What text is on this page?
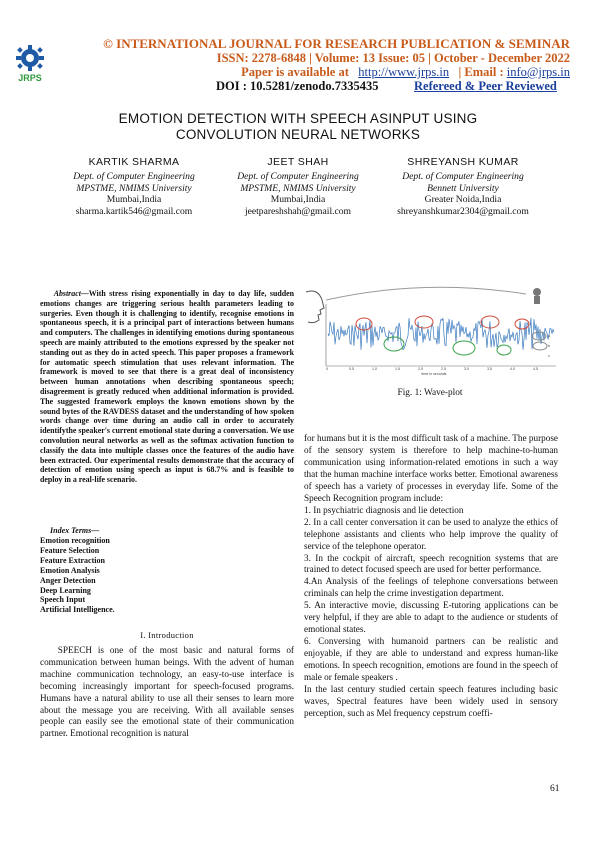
JRPS
© INTERNATIONAL JOURNAL FOR RESEARCH PUBLICATION & SEMINAR
ISSN: 2278-6848 | Volume: 13 Issue: 05 | October - December 2022
Paper is available at http://www.jrps.in | Email : info@jrps.in
DOI : 10.5281/zenodo.7335435	Refereed & Peer Reviewed
EMOTION DETECTION WITH SPEECH ASINPUT USING
CONVOLUTION NEURAL NETWORKS
KARTIK SHARMA
Dept. of Computer Engineering
MPSTME, NMIMS University
Mumbai,India
sharma.kartik546@gmail.com
JEET SHAH
Dept. of Computer Engineering
MPSTME, NMIMS University
Mumbai,India
jeetpareshshah@gmail.com
SHREYANSH KUMAR
Dept. of Computer Engineering
Bennett University
Greater Noida,India
shreyanshkumar2304@gmail.com
Abstract—With stress rising exponentially in day to day life, sudden emotions changes are triggering serious health parameters leading to surgeries. Even though it is challenging to identify, recognise emotions in spontaneous speech, it is a principal part of interactions between humans and computers. The challenges in identifying emotions during spontaneous speech are mainly attributed to the emotions expressed by the speaker not standing out as they do in acted speech. This paper proposes a framework for automatic speech stimulation that uses relevant information. The framework is moved to see that there is a great deal of inconsistency between human annotations when describing spontaneous speech; disagreement is greatly reduced when additional information is provided. The suggested framework employs the known emotions shown by the sound bytes of the RAVDESS dataset and the understanding of how spoken words change over time during an audio call in order to accurately identifythe speaker's current emotional state during a conversation. We use convolution neural networks as well as the softmax activation function to classify the data into multiple classes once the features of the audio have been extracted. Our experimental results demonstrate that the accuracy of detection of emotion using speech as input is 68.7% and is feasible to deploy in a real-life scenario.
Index Terms—
Emotion recognition
Feature Selection
Feature Extraction
Emotion Analysis
Anger Detection
Deep Learning
Speech Input
Artificial Intelligence.
I. Introduction
SPEECH is one of the most basic and natural forms of communication between human beings. With the advent of human machine communication technology, an easy-to-use interface is becoming increasingly important for speech-focused programs. Humans have a natural ability to use all their senses to learn more about the message you are receiving. With all available senses people can easily see the emotional state of their communication partner. Emotional recognition is natural
a
b
c
0	0.5	1.0	1.5	2.0	2.5	3.0	3.5	4.0	4.5
time in seconds
Fig. 1: Wave-plot

for humans but it is the most difficult task of a machine. The purpose of the sensory system is therefore to help machine-to-human communication using information-related emotions in such a way that the human machine interface works better. Emotional awareness of speech has a variety of processes in everyday life. Some of the Speech Recognition program include:

1. In psychiatric diagnosis and lie detection

2. In a call center conversation it can be used to analyze the ethics of telephone assistants and clients who help improve the quality of service of the telephone operator.

3. In the cockpit of aircraft, speech recognition systems that are trained to detect focused speech are used for better performance.

4.An Analysis of the feelings of telephone conversations between criminals can help the crime investigation department.

5. An interactive movie, discussing E-tutoring applications can be very helpful, if they are able to adapt to the audience or students of emotional states.

6. Conversing with humanoid partners can be realistic and enjoyable, if they are able to understand and express human-like emotions. In speech recognition, emotions are found in the speech of male or female speakers .

In the last century studied certain speech features including basic waves, Spectral features have been widely used in sensory perception, such as Mel frequency cepstrum coeffi-

61
